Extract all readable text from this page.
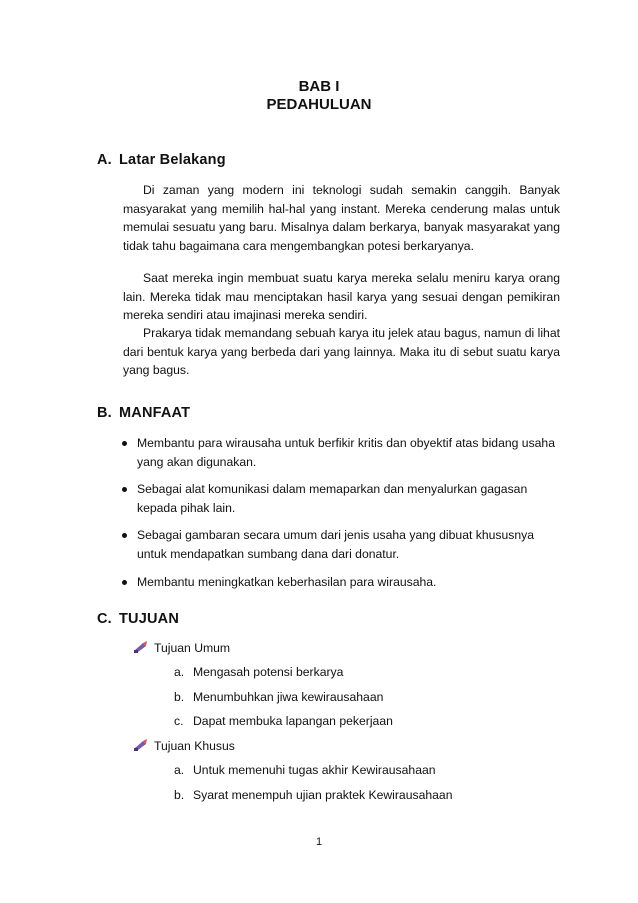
BAB I
PEDAHULUAN
A. Latar Belakang

Di zaman yang modern ini teknologi sudah semakin canggih. Banyak masyarakat yang memilih hal-hal yang instant. Mereka cenderung malas untuk memulai sesuatu yang baru. Misalnya dalam berkarya, banyak masyarakat yang tidak tahu bagaimana cara mengembangkan potesi berkaryanya.

Saat mereka ingin membuat suatu karya mereka selalu meniru karya orang lain. Mereka tidak mau menciptakan hasil karya yang sesuai dengan pemikiran mereka sendiri atau imajinasi mereka sendiri.

Prakarya tidak memandang sebuah karya itu jelek atau bagus, namun di lihat dari bentuk karya yang berbeda dari yang lainnya. Maka itu di sebut suatu karya yang bagus.

B. MANFAAT
Membantu para wirausaha untuk berfikir kritis dan obyektif atas bidang usaha yang akan digunakan.
Sebagai alat komunikasi dalam memaparkan dan menyalurkan gagasan kepada pihak lain.
Sebagai gambaran secara umum dari jenis usaha yang dibuat khususnya untuk mendapatkan sumbang dana dari donatur.
Membantu meningkatkan keberhasilan para wirausaha.
C. TUJUAN
Tujuan Umum
a. Mengasah potensi berkarya
b. Menumbuhkan jiwa kewirausahaan
c. Dapat membuka lapangan pekerjaan
Tujuan Khusus
a. Untuk memenuhi tugas akhir Kewirausahaan
b. Syarat menempuh ujian praktek Kewirausahaan
1
